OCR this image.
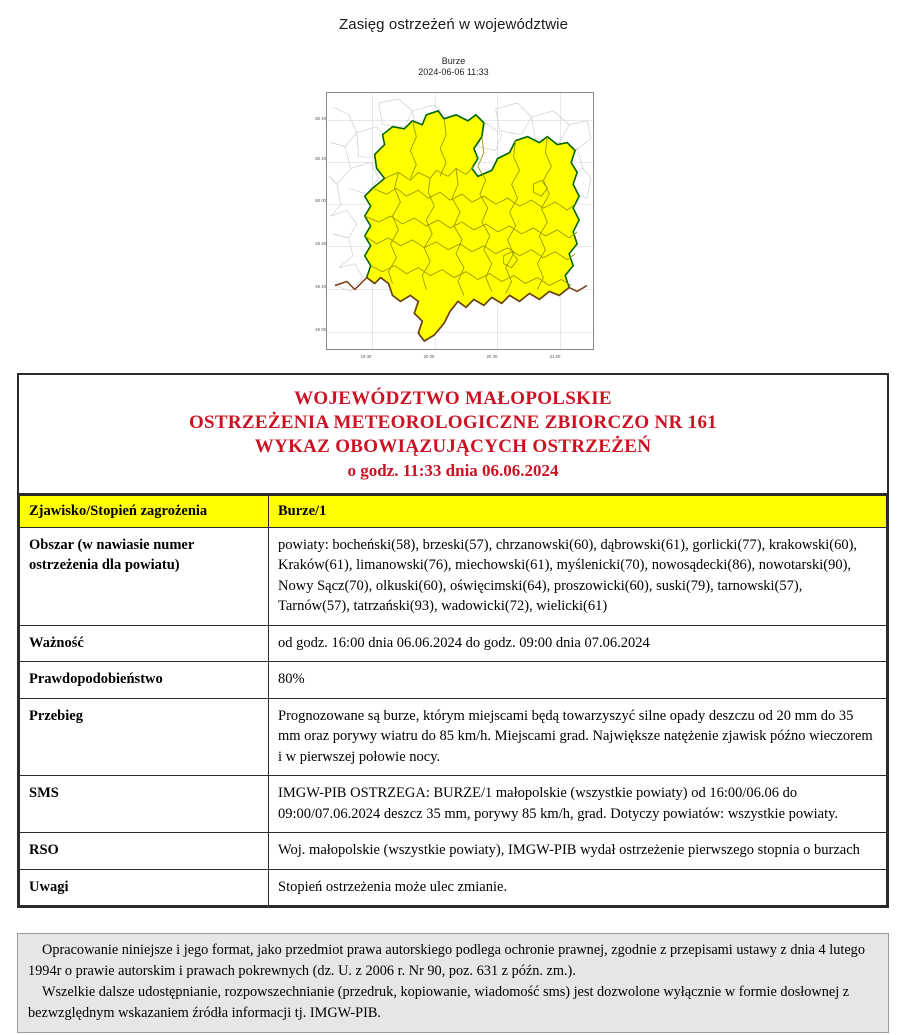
Zasięg ostrzeżeń w województwie
Burze
2024-06-06 11:33
50 40
50 20
50 00
49 40
49 20
49 00
19 30	20 00	20 30	21 00
WOJEWÓDZTWO MAŁOPOLSKIE
OSTRZEŻENIA METEOROLOGICZNE ZBIORCZO NR 161
WYKAZ OBOWIĄZUJĄCYCH OSTRZEŻEŃ
o godz. 11:33 dnia 06.06.2024
Zjawisko/Stopień zagrożenia	Burze/1
Obszar (w nawiasie numer ostrzeżenia dla powiatu)	powiaty: bocheński(58), brzeski(57), chrzanowski(60), dąbrowski(61), gorlicki(77), krakowski(60), Kraków(61), limanowski(76), miechowski(61), myślenicki(70), nowosądecki(86), nowotarski(90), Nowy Sącz(70), olkuski(60), oświęcimski(64), proszowicki(60), suski(79), tarnowski(57), Tarnów(57), tatrzański(93), wadowicki(72), wielicki(61)
Ważność	od godz. 16:00 dnia 06.06.2024 do godz. 09:00 dnia 07.06.2024
Prawdopodobieństwo	80%
Przebieg	Prognozowane są burze, którym miejscami będą towarzyszyć silne opady deszczu od 20 mm do 35 mm oraz porywy wiatru do 85 km/h. Miejscami grad. Największe natężenie zjawisk późno wieczorem i w pierwszej połowie nocy.
SMS	IMGW-PIB OSTRZEGA: BURZE/1 małopolskie (wszystkie powiaty) od 16:00/06.06 do 09:00/07.06.2024 deszcz 35 mm, porywy 85 km/h, grad. Dotyczy powiatów: wszystkie powiaty.
RSO	Woj. małopolskie (wszystkie powiaty), IMGW-PIB wydał ostrzeżenie pierwszego stopnia o burzach
Uwagi	Stopień ostrzeżenia może ulec zmianie.

Opracowanie niniejsze i jego format, jako przedmiot prawa autorskiego podlega ochronie prawnej, zgodnie z przepisami ustawy z dnia 4 lutego 1994r o prawie autorskim i prawach pokrewnych (dz. U. z 2006 r. Nr 90, poz. 631 z późn. zm.).

Wszelkie dalsze udostępnianie, rozpowszechnianie (przedruk, kopiowanie, wiadomość sms) jest dozwolone wyłącznie w formie dosłownej z bezwzględnym wskazaniem źródła informacji tj. IMGW-PIB.
